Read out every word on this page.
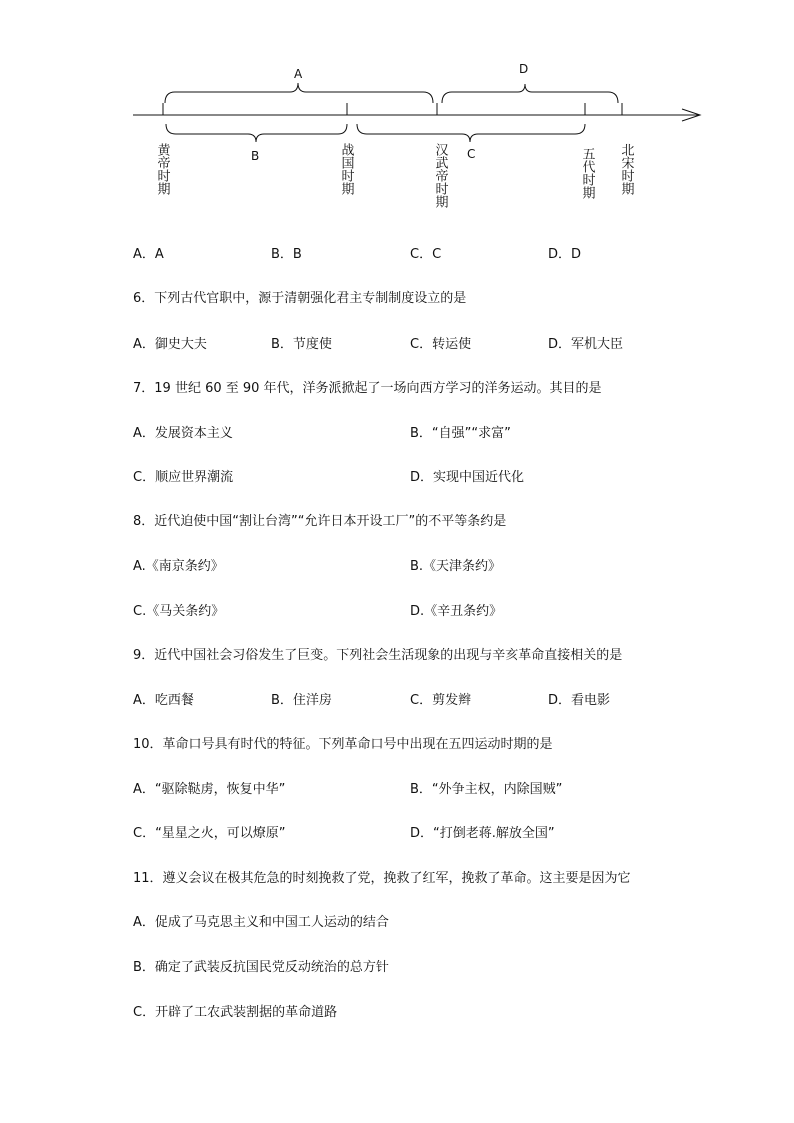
A	D
B	C
黄帝时期	战国时期	汉武帝时期	五代时期 北宋时期
A．A	B．B	C．C	D．D
6．下列古代官职中，源于清朝强化君主专制制度设立的是
A．御史大夫	B．节度使	C．转运使	D．军机大臣
7．19 世纪 60 至 90 年代，洋务派掀起了一场向西方学习的洋务运动。其目的是
A．发展资本主义	B．“自强”“求富”
C．顺应世界潮流	D．实现中国近代化
8．近代迫使中国“割让台湾”“允许日本开设工厂”的不平等条约是
A.《南京条约》	B.《天津条约》
C.《马关条约》	D.《辛丑条约》
9．近代中国社会习俗发生了巨变。下列社会生活现象的出现与辛亥革命直接相关的是
A．吃西餐	B．住洋房	C．剪发辫	D．看电影
10．革命口号具有时代的特征。下列革命口号中出现在五四运动时期的是
A．“驱除鞑虏，恢复中华”	B．“外争主权，内除国贼”
C．“星星之火，可以燎原”	D．“打倒老蒋.解放全国”
11．遵义会议在极其危急的时刻挽救了党，挽救了红军，挽救了革命。这主要是因为它
A．促成了马克思主义和中国工人运动的结合
B．确定了武装反抗国民党反动统治的总方针
C．开辟了工农武装割据的革命道路
